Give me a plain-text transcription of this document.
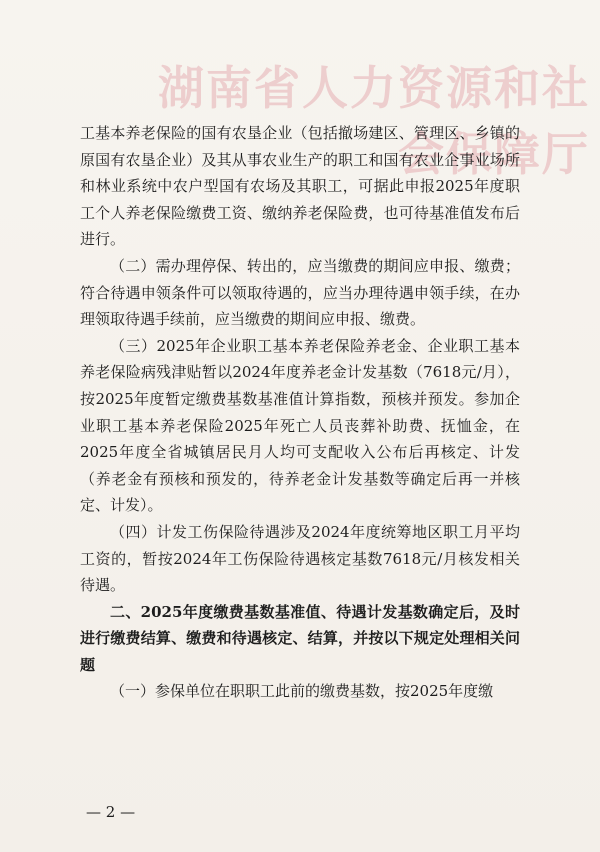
湖南省人力资源和社会保障厅

工基本养老保险的国有农垦企业（包括撤场建区、管理区、乡镇的原国有农垦企业）及其从事农业生产的职工和国有农业企事业场所和林业系统中农户型国有农场及其职工，可据此申报2025年度职工个人养老保险缴费工资、缴纳养老保险费，也可待基准值发布后进行。

（二）需办理停保、转出的，应当缴费的期间应申报、缴费；符合待遇申领条件可以领取待遇的，应当办理待遇申领手续，在办理领取待遇手续前，应当缴费的期间应申报、缴费。

（三）2025年企业职工基本养老保险养老金、企业职工基本养老保险病残津贴暂以2024年度养老金计发基数（7618元/月），按2025年度暂定缴费基数基准值计算指数，预核并预发。参加企业职工基本养老保险2025年死亡人员丧葬补助费、抚恤金，在2025年度全省城镇居民月人均可支配收入公布后再核定、计发（养老金有预核和预发的，待养老金计发基数等确定后再一并核定、计发）。

（四）计发工伤保险待遇涉及2024年度统筹地区职工月平均工资的，暂按2024年工伤保险待遇核定基数7618元/月核发相关待遇。

二、2025年度缴费基数基准值、待遇计发基数确定后，及时进行缴费结算、缴费和待遇核定、结算，并按以下规定处理相关问题

（一）参保单位在职职工此前的缴费基数，按2025年度缴

— 2 —
